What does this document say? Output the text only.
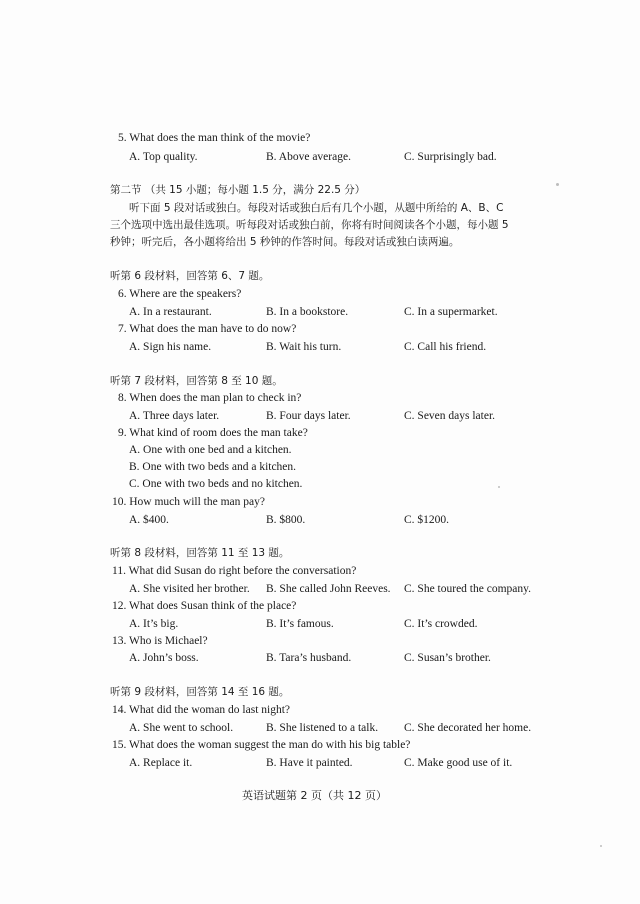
5. What does the man think of the movie?
A. Top quality.	B. Above average.	C. Surprisingly bad.
第二节 （共 15 小题；每小题 1.5 分，满分 22.5 分）
听下面 5 段对话或独白。每段对话或独白后有几个小题，从题中所给的 A、B、C
三个选项中选出最佳选项。听每段对话或独白前，你将有时间阅读各个小题，每小题 5
秒钟；听完后，各小题将给出 5 秒钟的作答时间。每段对话或独白读两遍。
听第 6 段材料，回答第 6、7 题。
6. Where are the speakers?
A. In a restaurant.	B. In a bookstore.	C. In a supermarket.
7. What does the man have to do now?
A. Sign his name.	B. Wait his turn.	C. Call his friend.
听第 7 段材料，回答第 8 至 10 题。
8. When does the man plan to check in?
A. Three days later.	B. Four days later.	C. Seven days later.
9. What kind of room does the man take?
A. One with one bed and a kitchen.
B. One with two beds and a kitchen.
C. One with two beds and no kitchen.
10. How much will the man pay?
A. $400.	B. $800.	C. $1200.
听第 8 段材料，回答第 11 至 13 题。
11. What did Susan do right before the conversation?
A. She visited her brother. B. She called John Reeves. C. She toured the company.
12. What does Susan think of the place?
A. It’s big.	B. It’s famous.	C. It’s crowded.
13. Who is Michael?
A. John’s boss.	B. Tara’s husband.	C. Susan’s brother.
听第 9 段材料，回答第 14 至 16 题。
14. What did the woman do last night?
A. She went to school.	B. She listened to a talk. C. She decorated her home.
15. What does the woman suggest the man do with his big table?
A. Replace it.	B. Have it painted.	C. Make good use of it.
英语试题第 2 页（共 12 页）
